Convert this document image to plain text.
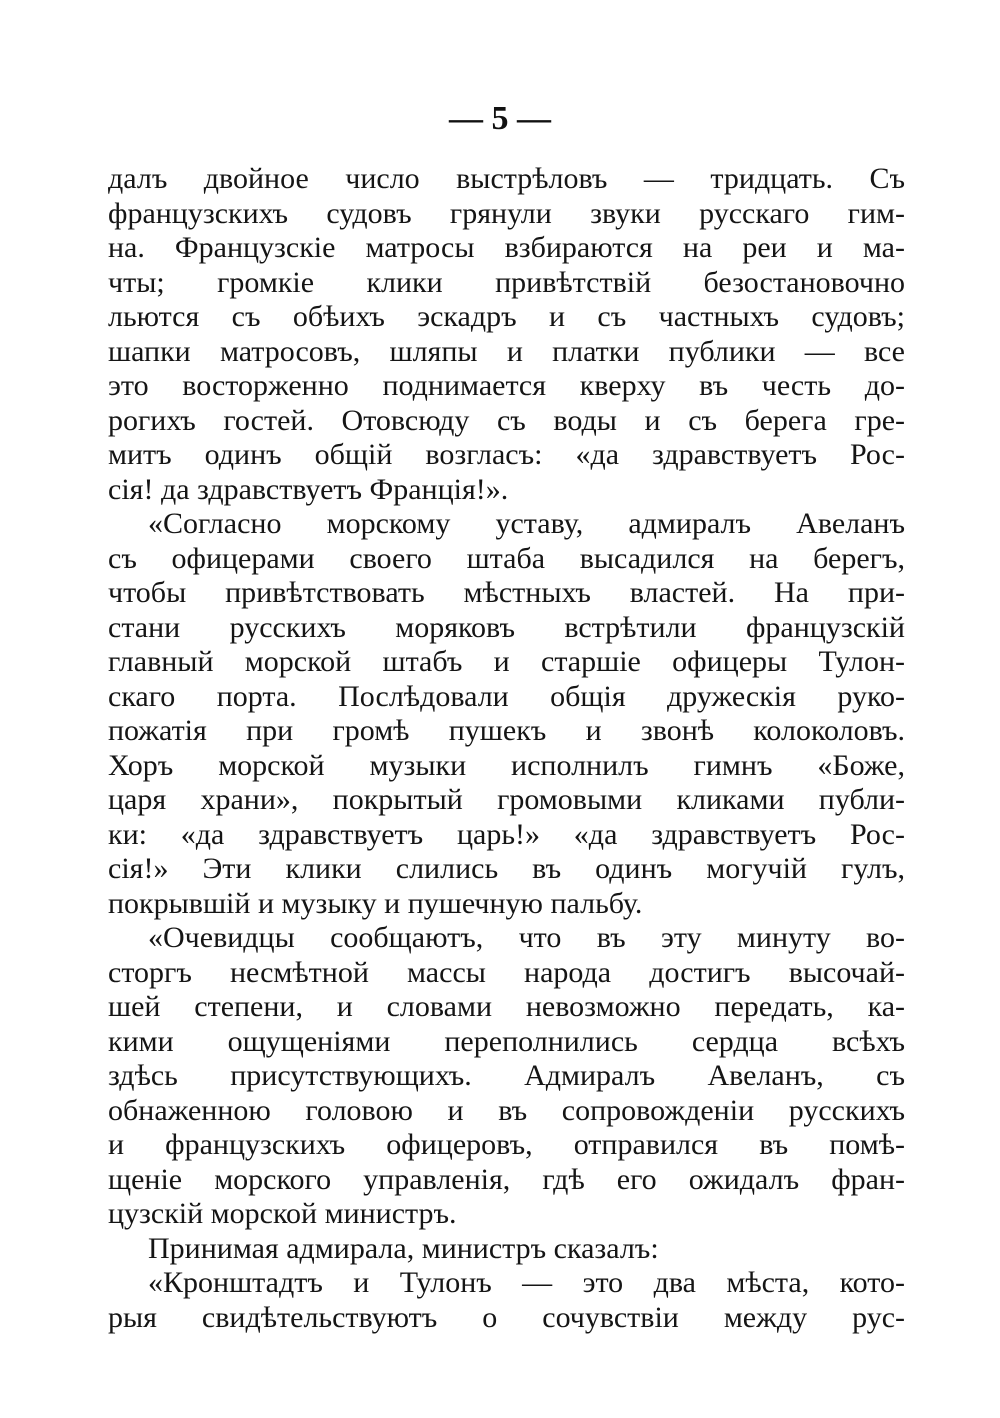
— 5 —
далъ двойное число выстрѣловъ — тридцать. Съ
французскихъ судовъ грянули звуки русскаго гим-
на. Французскіе матросы взбираются на реи и ма-
чты; громкіе клики привѣтствій безостановочно
льются съ обѣихъ эскадръ и съ частныхъ судовъ;
шапки матросовъ, шляпы и платки публики — все
это восторженно поднимается кверху въ честь до-
рогихъ гостей. Отовсюду съ воды и съ берега гре-
митъ одинъ общій возгласъ: «да здравствуетъ Рос-
сія! да здравствуетъ Франція!».
«Согласно морскому уставу, адмиралъ Авеланъ
съ офицерами своего штаба высадился на берегъ,
чтобы привѣтствовать мѣстныхъ властей. На при-
стани русскихъ моряковъ встрѣтили французскій
главный морской штабъ и старшіе офицеры Тулон-
скаго порта. Послѣдовали общія дружескія руко-
пожатія при громѣ пушекъ и звонѣ колоколовъ.
Хоръ морской музыки исполнилъ гимнъ «Боже,
царя храни», покрытый громовыми кликами публи-
ки: «да здравствуетъ царь!» «да здравствуетъ Рос-
сія!» Эти клики слились въ одинъ могучій гулъ,
покрывшій и музыку и пушечную пальбу.
«Очевидцы сообщаютъ, что въ эту минуту во-
сторгъ несмѣтной массы народа достигъ высочай-
шей степени, и словами невозможно передать, ка-
кими ощущеніями переполнились сердца всѣхъ
здѣсь присутствующихъ. Адмиралъ Авеланъ, съ
обнаженною головою и въ сопровожденіи русскихъ
и французскихъ офицеровъ, отправился въ помѣ-
щеніе морского управленія, гдѣ его ожидалъ фран-
цузскій морской министръ.
Принимая адмирала, министръ сказалъ:
«Кронштадтъ и Тулонъ — это два мѣста, кото-
рыя свидѣтельствуютъ о сочувствіи между рус-
